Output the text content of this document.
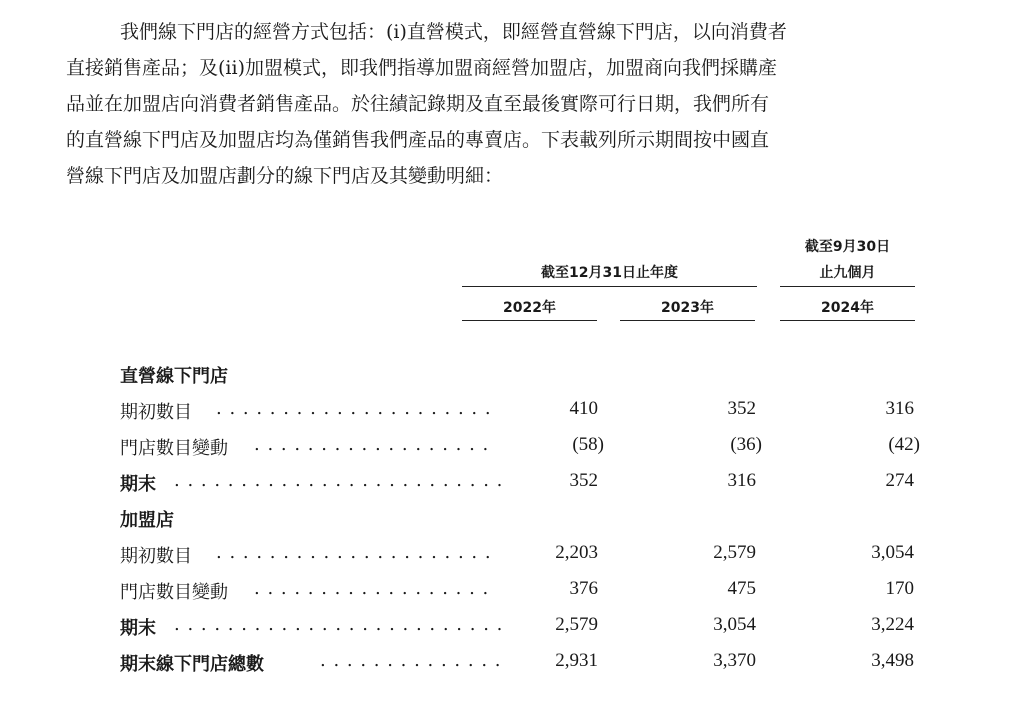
我們線下門店的經營方式包括：(i)直營模式，即經營直營線下門店，以向消費者
直接銷售產品；及(ii)加盟模式，即我們指導加盟商經營加盟店，加盟商向我們採購產
品並在加盟店向消費者銷售產品。於往績記錄期及直至最後實際可行日期，我們所有
的直營線下門店及加盟店均為僅銷售我們產品的專賣店。下表載列所示期間按中國直
營線下門店及加盟店劃分的線下門店及其變動明細：
截至9月30日
止九個月
截至12月31日止年度
2022年	2023年	2024年
直營線下門店
期初數目 . . . . . . . . . . . . . . . . . . . . .	410	352	316
門店數目變動 . . . . . . . . . . . . . . . . . .	(58)	(36)	(42)
期末 . . . . . . . . . . . . . . . . . . . . . . . . .	352	316	274
加盟店
期初數目 . . . . . . . . . . . . . . . . . . . . .	2,203	2,579	3,054
門店數目變動 . . . . . . . . . . . . . . . . . .	376	475	170
期末 . . . . . . . . . . . . . . . . . . . . . . . . .	2,579	3,054	3,224
期末線下門店總數	. . . . . . . . . . . . . .	2,931	3,370	3,498
